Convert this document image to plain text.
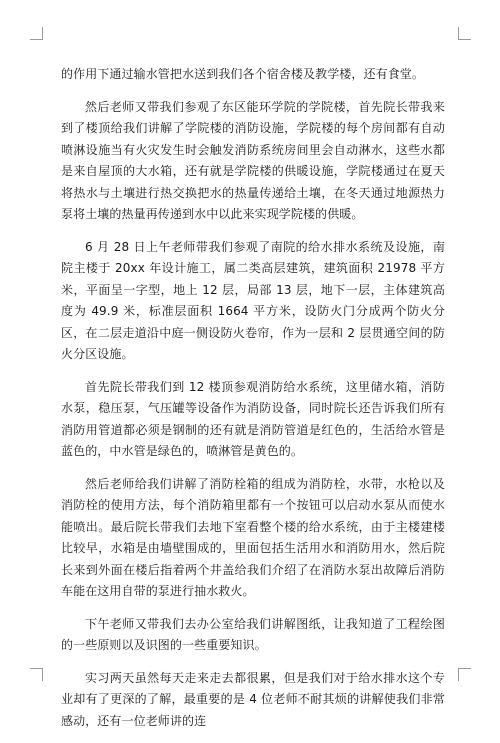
的作用下通过输水管把水送到我们各个宿舍楼及教学楼，还有食堂。

然后老师又带我们参观了东区能环学院的学院楼，首先院长带我来到了楼顶给我们讲解了学院楼的消防设施，学院楼的每个房间都有自动喷淋设施当有火灾发生时会触发消防系统房间里会自动淋水，这些水都是来自屋顶的大水箱，还有就是学院楼的供暖设施，学院楼通过在夏天将热水与土壤进行热交换把水的热量传递给土壤，在冬天通过地源热力泵将土壤的热量再传递到水中以此来实现学院楼的供暖。

6 月 28 日上午老师带我们参观了南院的给水排水系统及设施，南院主楼于 20xx 年设计施工，属二类高层建筑，建筑面积 21978 平方米，平面呈一字型，地上 12 层，局部 13 层，地下一层，主体建筑高度为 49.9 米，标准层面积 1664 平方米，设防火门分成两个防火分区，在二层走道沿中庭一侧设防火卷帘，作为一层和 2 层贯通空间的防火分区设施。

首先院长带我们到 12 楼顶参观消防给水系统，这里储水箱，消防水泵，稳压泵，气压罐等设备作为消防设备，同时院长还告诉我们所有消防用管道都必须是钢制的还有就是消防管道是红色的，生活给水管是蓝色的，中水管是绿色的，喷淋管是黄色的。

然后老师给我们讲解了消防栓箱的组成为消防栓，水带，水枪以及消防栓的使用方法，每个消防箱里都有一个按钮可以启动水泵从而使水能喷出。最后院长带我们去地下室看整个楼的给水系统，由于主楼建楼比较早，水箱是由墙壁围成的，里面包括生活用水和消防用水，然后院长来到外面在楼后指着两个井盖给我们介绍了在消防水泵出故障后消防车能在这用自带的泵进行抽水救火。

下午老师又带我们去办公室给我们讲解图纸，让我知道了工程绘图的一些原则以及识图的一些重要知识。

实习两天虽然每天走来走去都很累，但是我们对于给水排水这个专业却有了更深的了解，最重要的是 4 位老师不耐其烦的讲解使我们非常感动，还有一位老师讲的连
